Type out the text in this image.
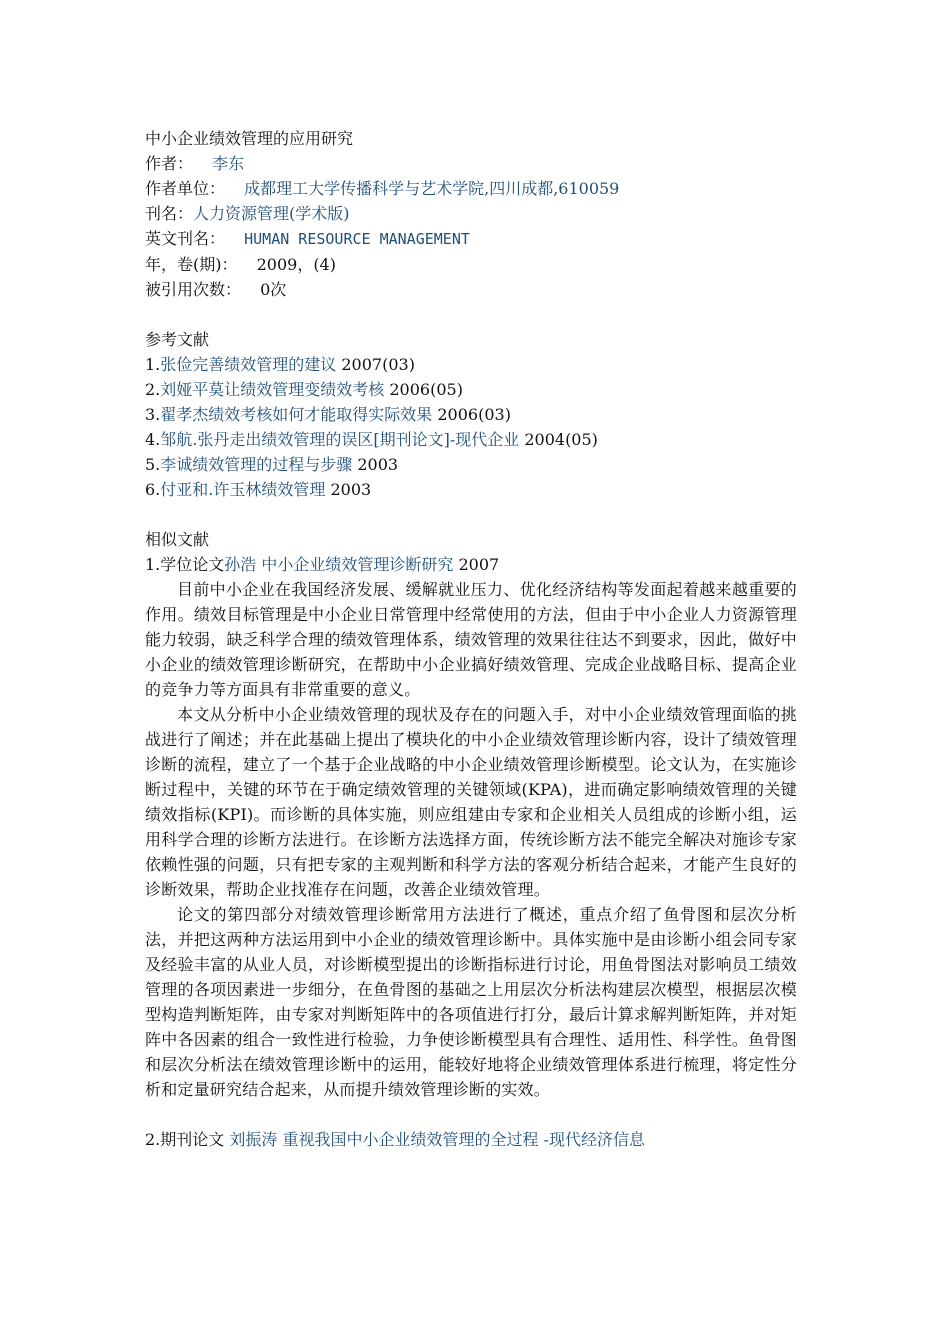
中小企业绩效管理的应用研究
作者： 李东
作者单位： 成都理工大学传播科学与艺术学院,四川成都,610059
刊名：人力资源管理(学术版)
英文刊名： HUMAN RESOURCE MANAGEMENT
年，卷(期)： 2009，(4)
被引用次数： 0次
参考文献
1.张俭完善绩效管理的建议 2007(03)
2.刘娅平莫让绩效管理变绩效考核 2006(05)
3.翟孝杰绩效考核如何才能取得实际效果 2006(03)
4.邹航.张丹走出绩效管理的误区[期刊论文]-现代企业 2004(05)
5.李诚绩效管理的过程与步骤 2003
6.付亚和.许玉林绩效管理 2003
相似文献
1.学位论文孙浩 中小企业绩效管理诊断研究 2007

目前中小企业在我国经济发展、缓解就业压力、优化经济结构等发面起着越来越重要的作用。绩效目标管理是中小企业日常管理中经常使用的方法，但由于中小企业人力资源管理能力较弱，缺乏科学合理的绩效管理体系，绩效管理的效果往往达不到要求，因此，做好中小企业的绩效管理诊断研究，在帮助中小企业搞好绩效管理、完成企业战略目标、提高企业的竞争力等方面具有非常重要的意义。

本文从分析中小企业绩效管理的现状及存在的问题入手，对中小企业绩效管理面临的挑战进行了阐述；并在此基础上提出了模块化的中小企业绩效管理诊断内容，设计了绩效管理诊断的流程，建立了一个基于企业战略的中小企业绩效管理诊断模型。论文认为，在实施诊断过程中，关键的环节在于确定绩效管理的关键领域(KPA)，进而确定影响绩效管理的关键绩效指标(KPI)。而诊断的具体实施，则应组建由专家和企业相关人员组成的诊断小组，运用科学合理的诊断方法进行。在诊断方法选择方面，传统诊断方法不能完全解决对施诊专家依赖性强的问题，只有把专家的主观判断和科学方法的客观分析结合起来，才能产生良好的诊断效果，帮助企业找准存在问题，改善企业绩效管理。

论文的第四部分对绩效管理诊断常用方法进行了概述，重点介绍了鱼骨图和层次分析法，并把这两种方法运用到中小企业的绩效管理诊断中。具体实施中是由诊断小组会同专家及经验丰富的从业人员，对诊断模型提出的诊断指标进行讨论，用鱼骨图法对影响员工绩效管理的各项因素进一步细分，在鱼骨图的基础之上用层次分析法构建层次模型，根据层次模型构造判断矩阵，由专家对判断矩阵中的各项值进行打分，最后计算求解判断矩阵，并对矩阵中各因素的组合一致性进行检验，力争使诊断模型具有合理性、适用性、科学性。鱼骨图和层次分析法在绩效管理诊断中的运用，能较好地将企业绩效管理体系进行梳理，将定性分析和定量研究结合起来，从而提升绩效管理诊断的实效。

2.期刊论文 刘振涛 重视我国中小企业绩效管理的全过程 -现代经济信息
